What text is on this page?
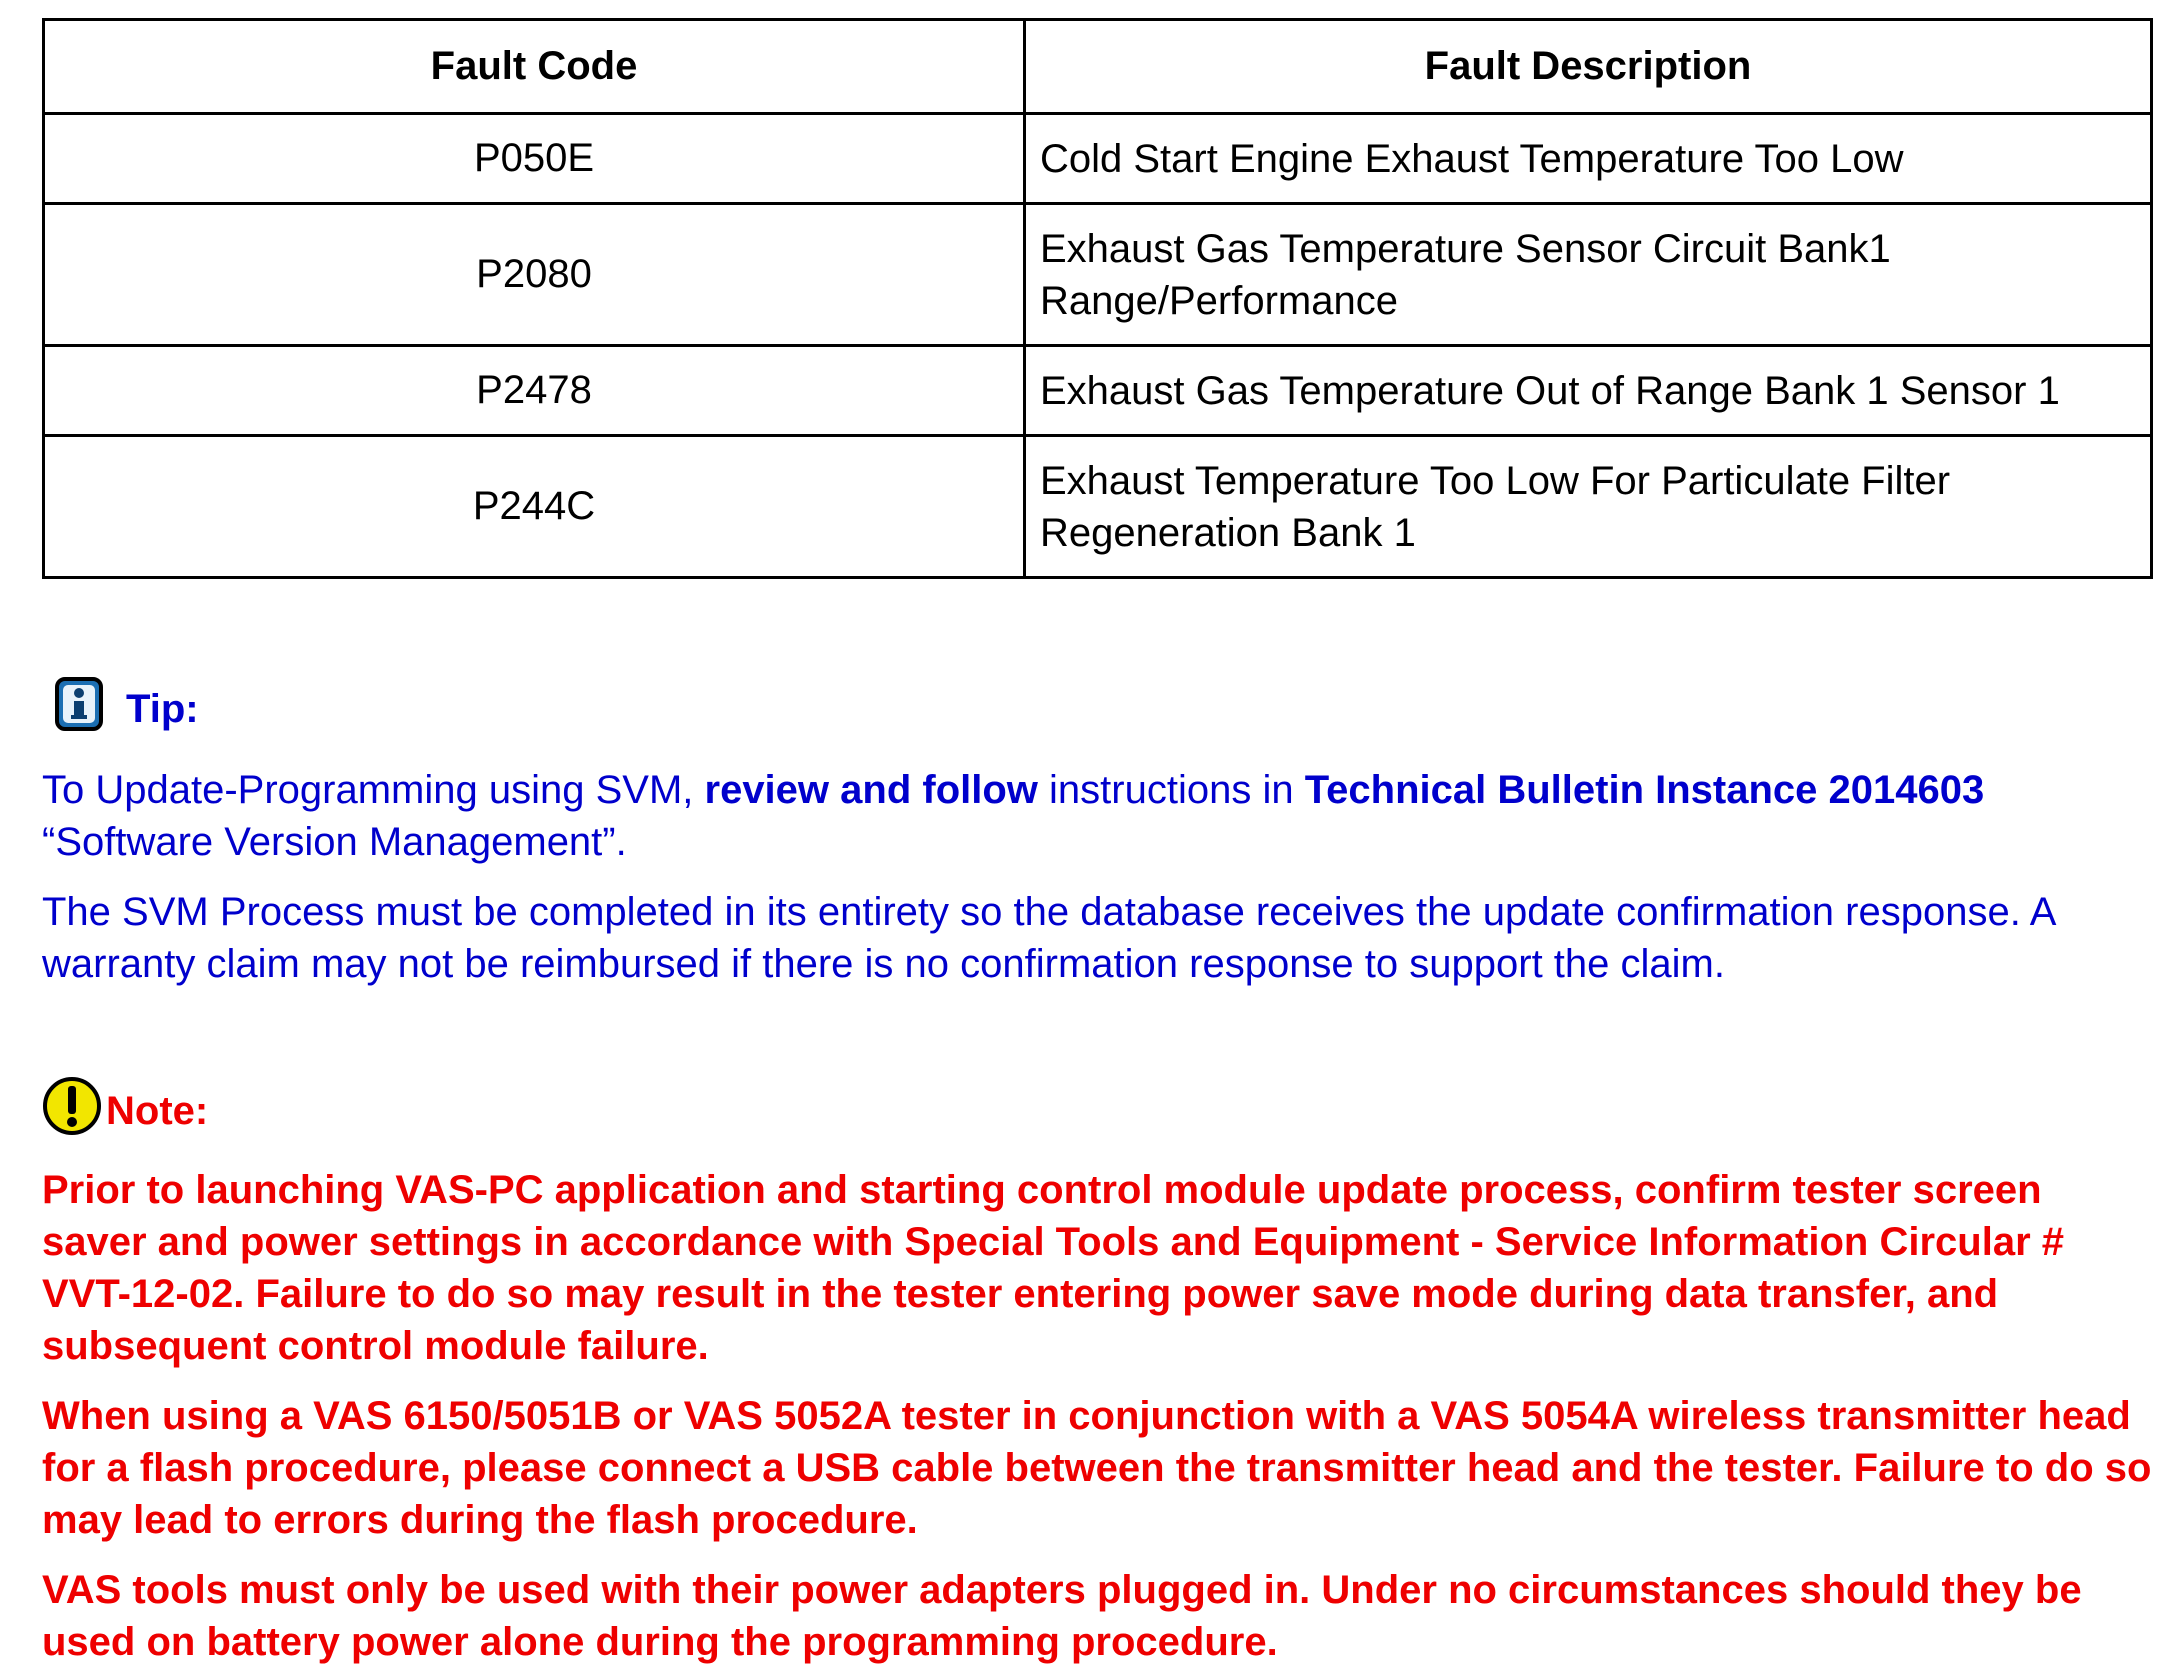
Fault Code	Fault Description
P050E	Cold Start Engine Exhaust Temperature Too Low
P2080	Exhaust Gas Temperature Sensor Circuit Bank1
Range/Performance
P2478	Exhaust Gas Temperature Out of Range Bank 1 Sensor 1
P244C	Exhaust Temperature Too Low For Particulate Filter
Regeneration Bank 1
Tip:

To Update-Programming using SVM, review and follow instructions in Technical Bulletin Instance 2014603
“Software Version Management”.

The SVM Process must be completed in its entirety so the database receives the update confirmation response. A warranty claim may not be reimbursed if there is no confirmation response to support the claim.

Note:

Prior to launching VAS-PC application and starting control module update process, confirm tester screen saver and power settings in accordance with Special Tools and Equipment - Service Information Circular # VVT-12-02. Failure to do so may result in the tester entering power save mode during data transfer, and subsequent control module failure.

When using a VAS 6150/5051B or VAS 5052A tester in conjunction with a VAS 5054A wireless transmitter head for a flash procedure, please connect a USB cable between the transmitter head and the tester. Failure to do so may lead to errors during the flash procedure.

VAS tools must only be used with their power adapters plugged in. Under no circumstances should they be used on battery power alone during the programming procedure.
